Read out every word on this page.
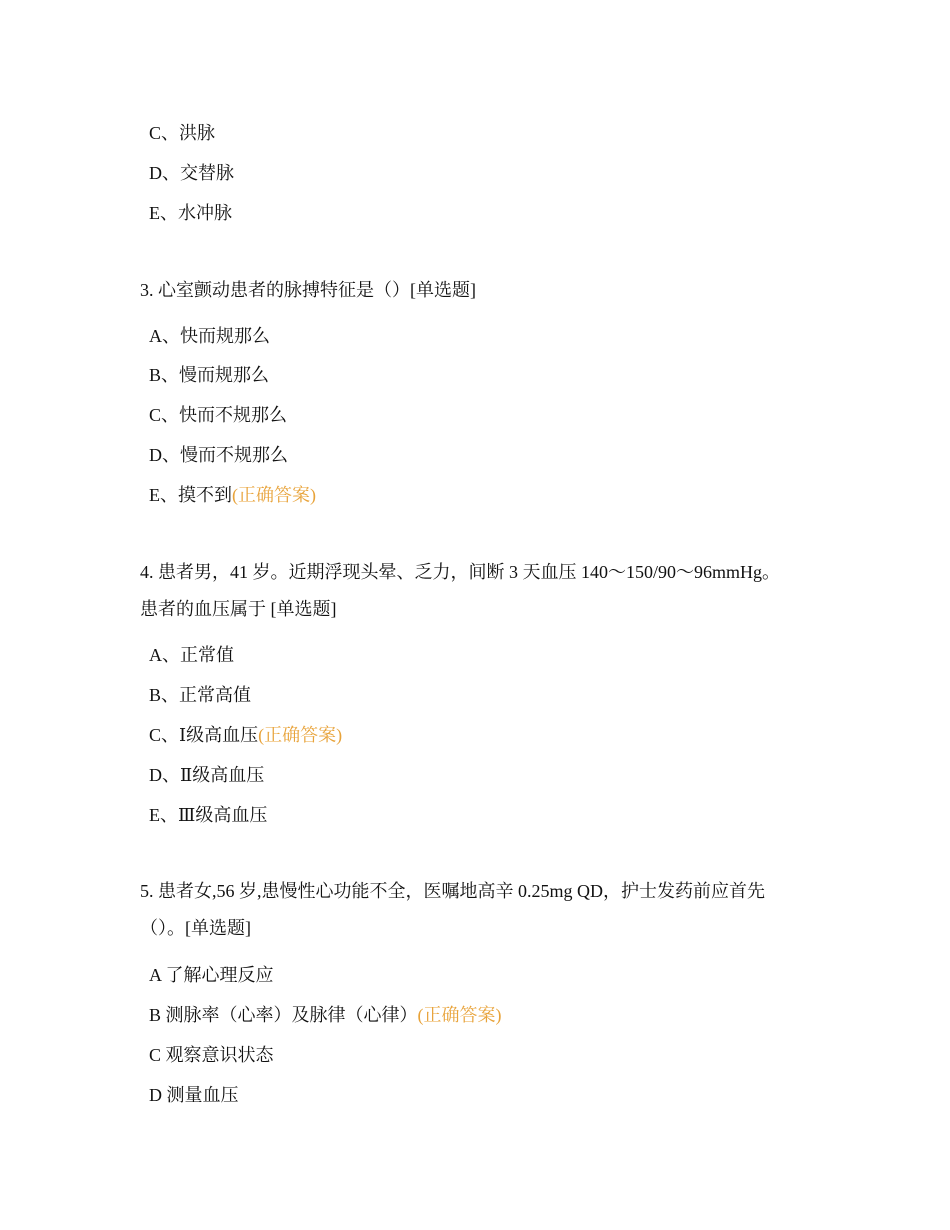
C、洪脉
D、交替脉
E、水冲脉
3. 心室颤动患者的脉搏特征是（）[单选题]
A、快而规那么
B、慢而规那么
C、快而不规那么
D、慢而不规那么
E、摸不到(正确答案)
4. 患者男，41 岁。近期浮现头晕、乏力，间断 3 天血压 140～150/90～96mmHg。
患者的血压属于 [单选题]
A、正常值
B、正常高值
C、Ⅰ级高血压(正确答案)
D、Ⅱ级高血压
E、Ⅲ级高血压
5. 患者女,56 岁,患慢性心功能不全，医嘱地高辛 0.25mg QD，护士发药前应首先
（）。[单选题]
A 了解心理反应
B 测脉率（心率）及脉律（心律）(正确答案)
C 观察意识状态
D 测量血压
